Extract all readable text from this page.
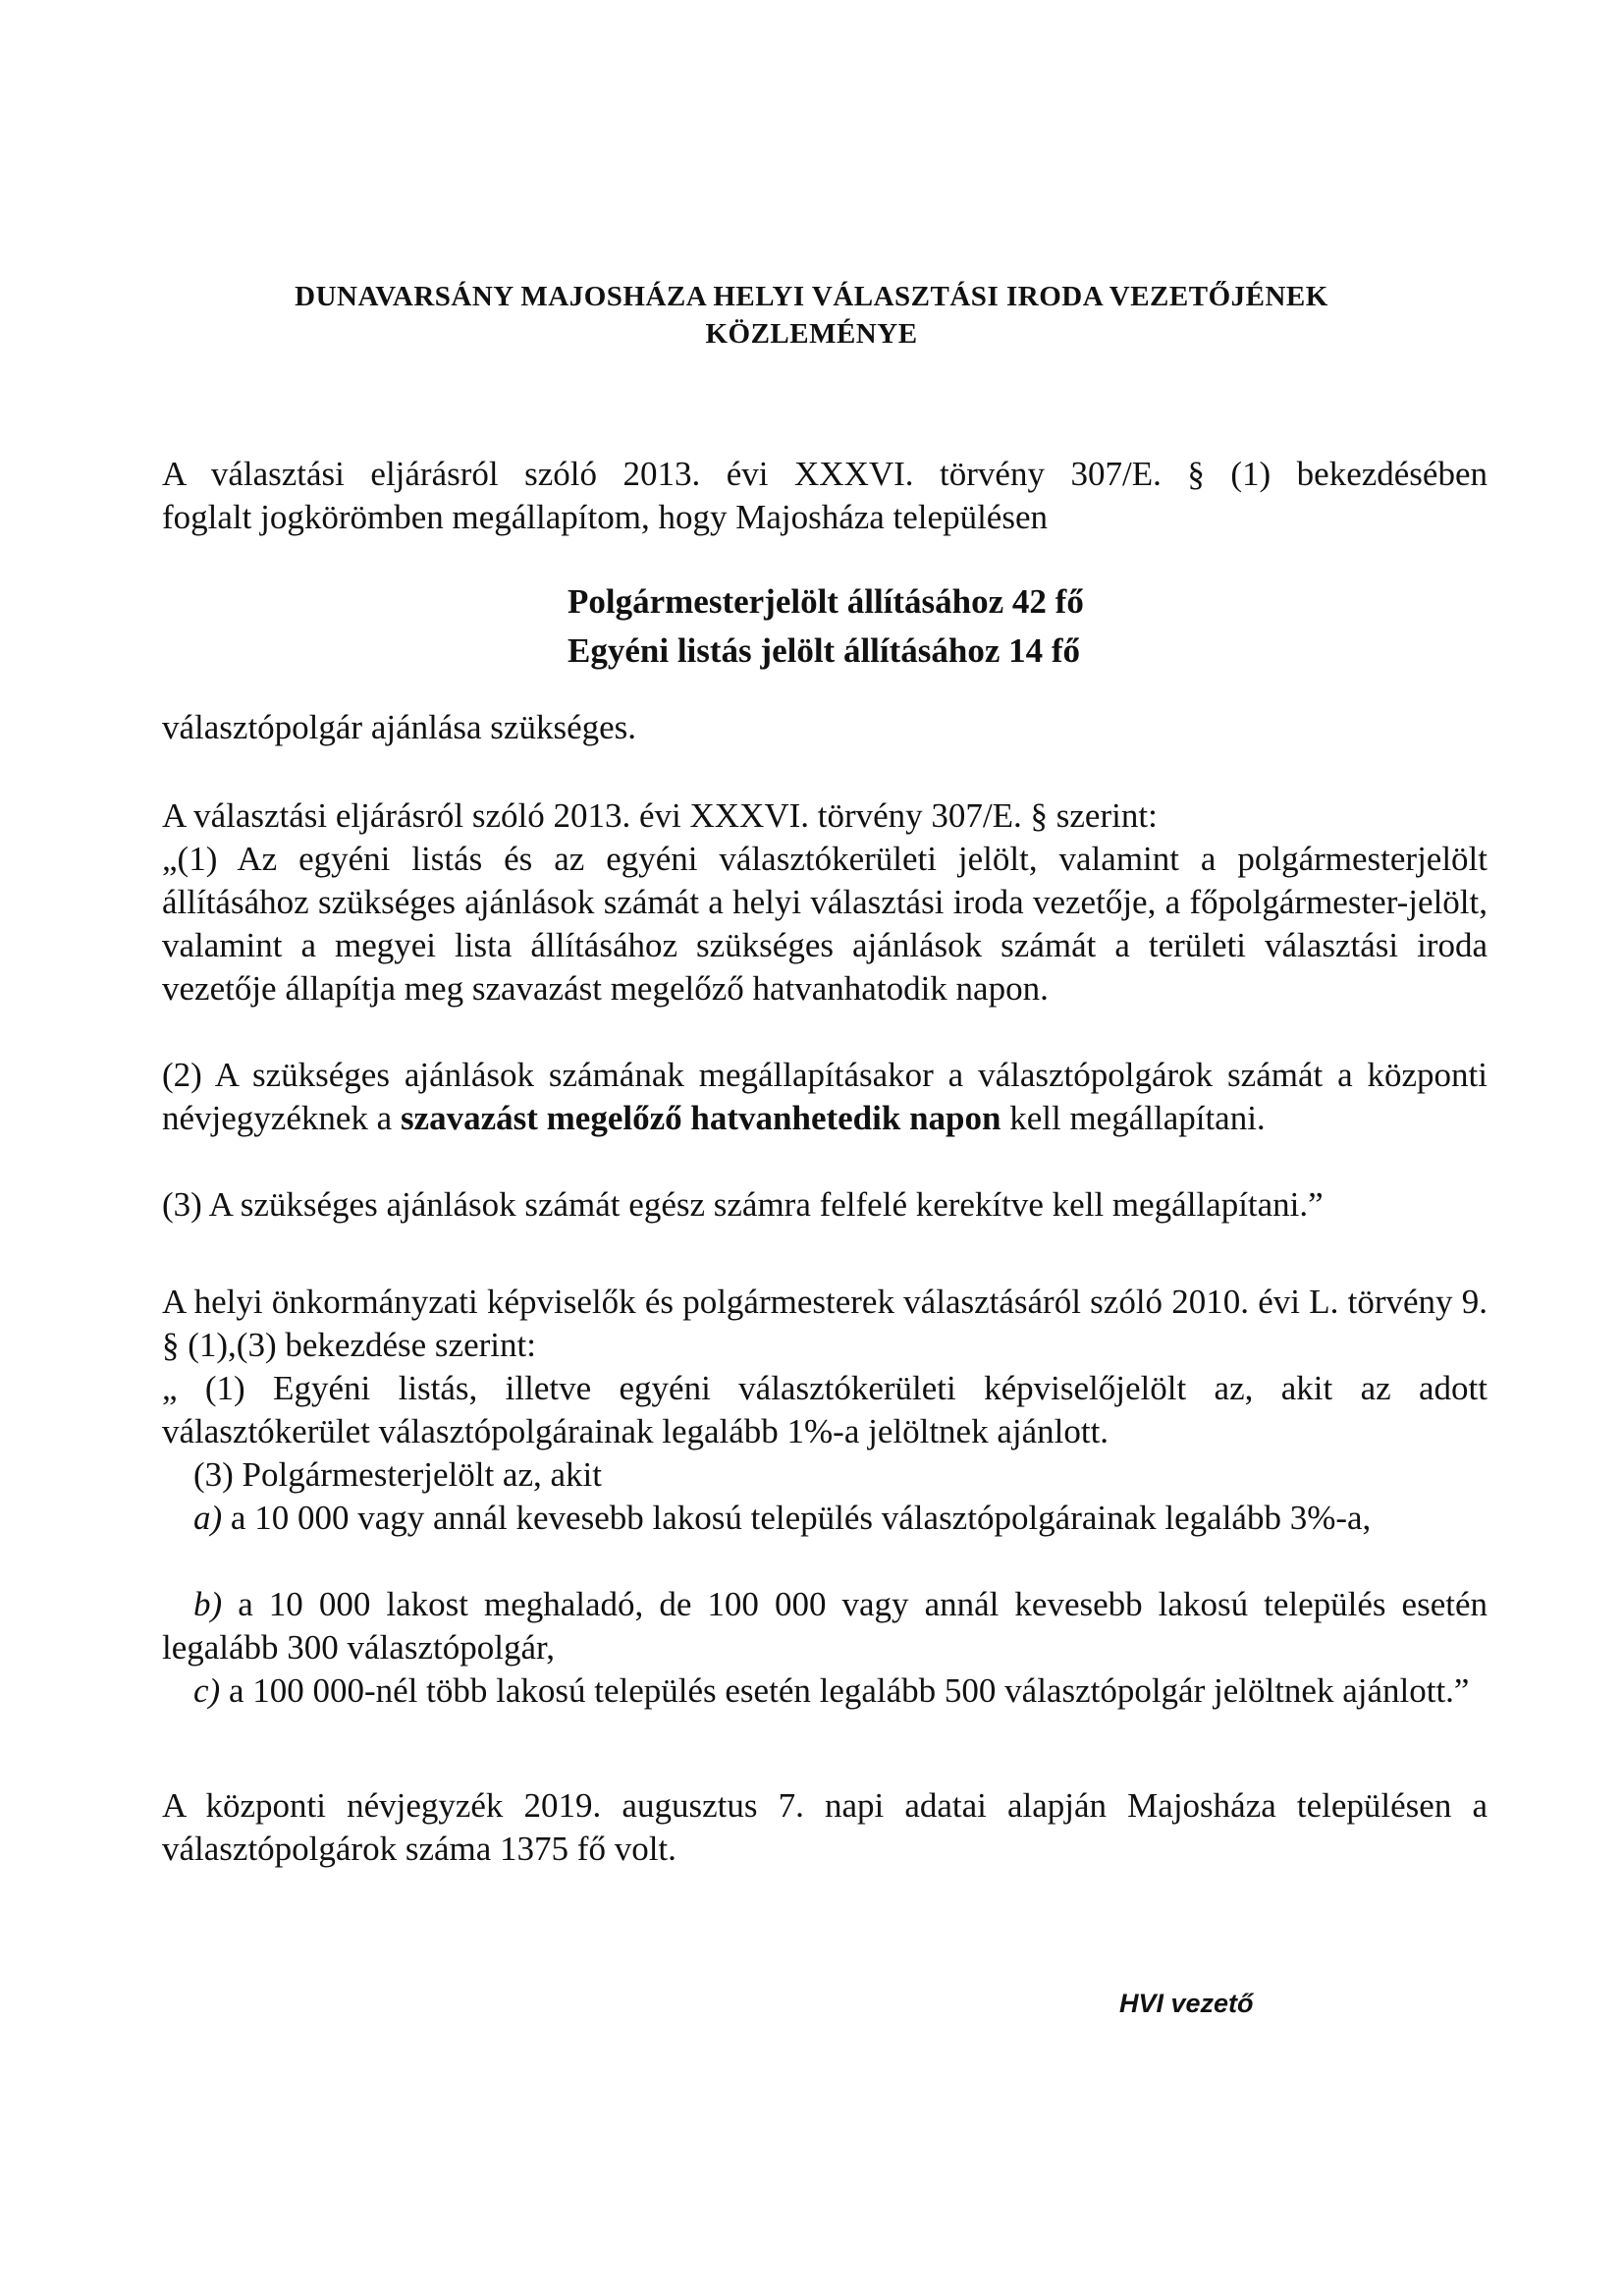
DUNAVARSÁNY MAJOSHÁZA HELYI VÁLASZTÁSI IRODA VEZETŐJÉNEK
KÖZLEMÉNYE
A választási eljárásról szóló 2013. évi XXXVI. törvény 307/E. § (1) bekezdésében
foglalt jogkörömben megállapítom, hogy Majosháza településen
Polgármesterjelölt állításához 42 fő
Egyéni listás jelölt állításához 14 fő
választópolgár ajánlása szükséges.
A választási eljárásról szóló 2013. évi XXXVI. törvény 307/E. § szerint:
„(1) Az egyéni listás és az egyéni választókerületi jelölt, valamint a polgármesterjelölt állításához szükséges ajánlások számát a helyi választási iroda vezetője, a főpolgármester-jelölt, valamint a megyei lista állításához szükséges ajánlások számát a területi választási iroda vezetője állapítja meg szavazást megelőző hatvanhatodik napon.
(2) A szükséges ajánlások számának megállapításakor a választópolgárok számát a központi névjegyzéknek a szavazást megelőző hatvanhetedik napon kell megállapítani.
(3) A szükséges ajánlások számát egész számra felfelé kerekítve kell megállapítani.”
A helyi önkormányzati képviselők és polgármesterek választásáról szóló 2010. évi L. törvény 9. § (1),(3) bekezdése szerint:
„ (1) Egyéni listás, illetve egyéni választókerületi képviselőjelölt az, akit az adott választókerület választópolgárainak legalább 1%-a jelöltnek ajánlott.
(3) Polgármesterjelölt az, akit
a) a 10 000 vagy annál kevesebb lakosú település választópolgárainak legalább 3%-a,
b) a 10 000 lakost meghaladó, de 100 000 vagy annál kevesebb lakosú település esetén legalább 300 választópolgár,
c) a 100 000-nél több lakosú település esetén legalább 500 választópolgár jelöltnek ajánlott.”
A központi névjegyzék 2019. augusztus 7. napi adatai alapján Majosháza településen a választópolgárok száma 1375 fő volt.
HVI vezető
